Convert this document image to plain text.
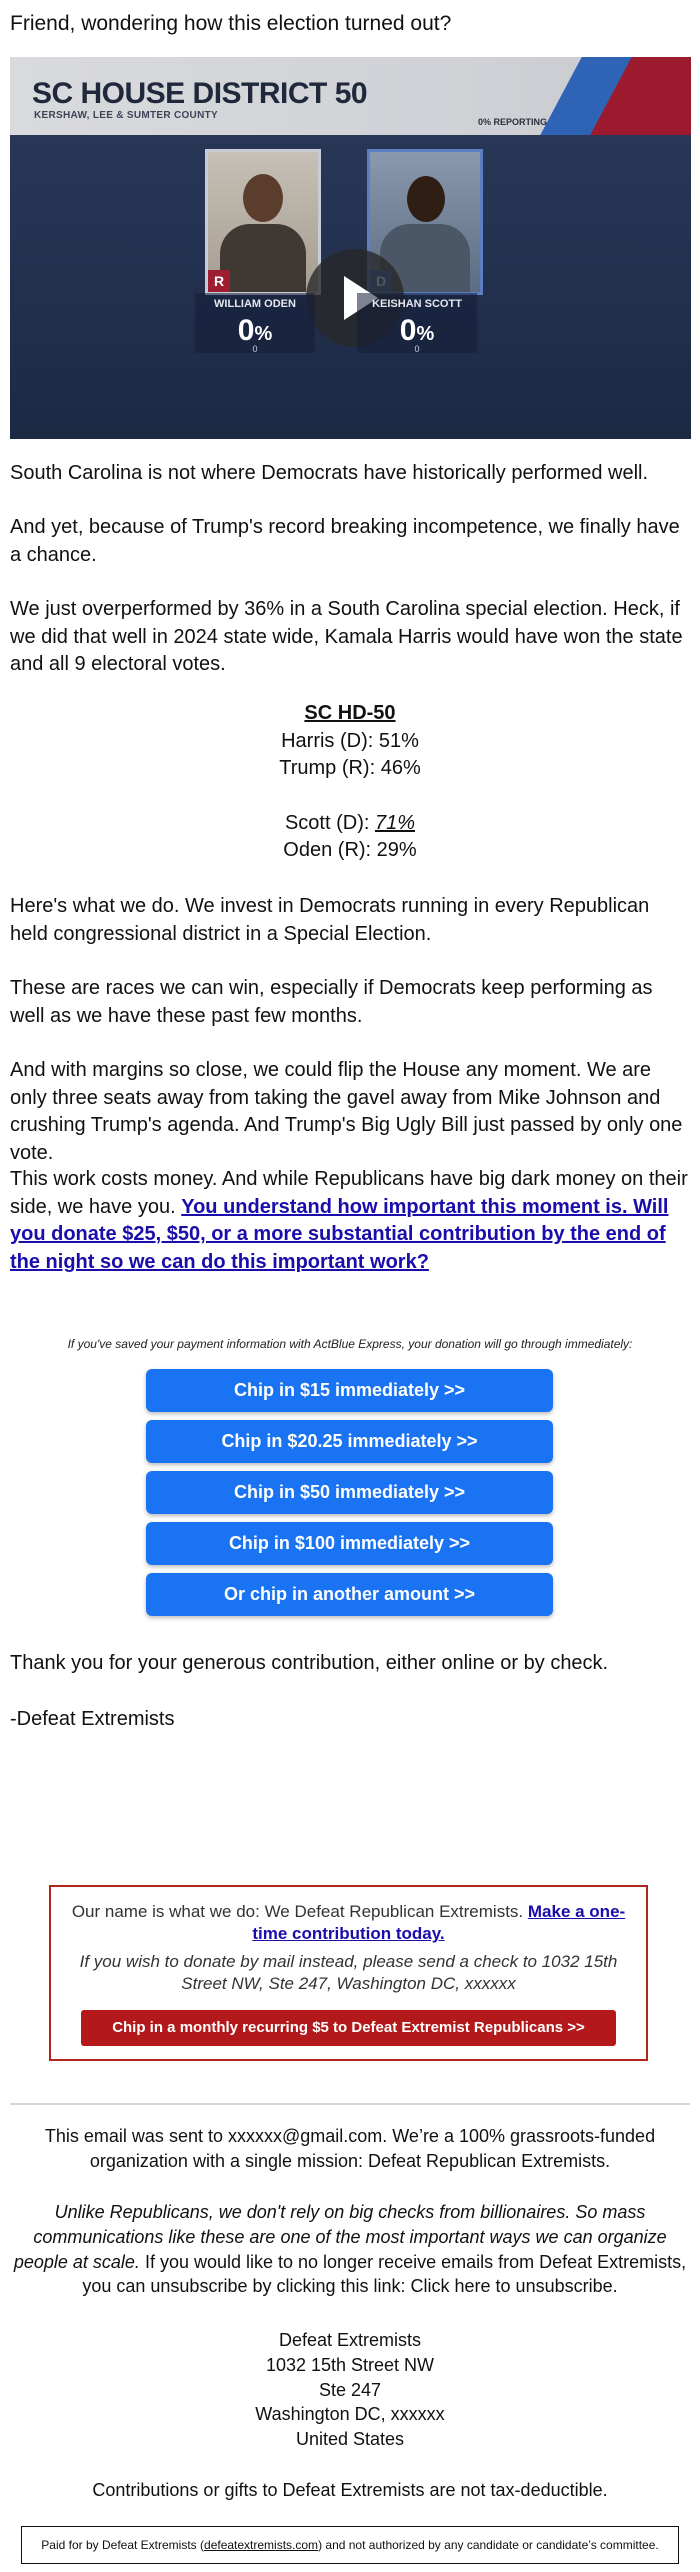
Friend, wondering how this election turned out?

SC HOUSE DISTRICT 50
KERSHAW, LEE & SUMTER COUNTY
0% REPORTING
R
WILLIAM ODEN
0%
0
KEISHAN SCOTT
0%
0

South Carolina is not where Democrats have historically performed well.

And yet, because of Trump's record breaking incompetence, we finally have a chance.

We just overperformed by 36% in a South Carolina special election. Heck, if we did that well in 2024 state wide, Kamala Harris would have won the state and all 9 electoral votes.

SC HD-50
Harris (D): 51%
Trump (R): 46%
Scott (D): 71%
Oden (R): 29%

Here's what we do. We invest in Democrats running in every Republican held congressional district in a Special Election.

These are races we can win, especially if Democrats keep performing as well as we have these past few months.

And with margins so close, we could flip the House any moment. We are only three seats away from taking the gavel away from Mike Johnson and crushing Trump's agenda. And Trump's Big Ugly Bill just passed by only one vote.

This work costs money. And while Republicans have big dark money on their side, we have you. You understand how important this moment is. Will you donate $25, $50, or a more substantial contribution by the end of the night so we can do this important work?

If you've saved your payment information with ActBlue Express, your donation will go through immediately:
Chip in $15 immediately >>
Chip in $20.25 immediately >>
Chip in $50 immediately >>
Chip in $100 immediately >>
Or chip in another amount >>

Thank you for your generous contribution, either online or by check.

-Defeat Extremists

Our name is what we do: We Defeat Republican Extremists. Make a one-time contribution today.
If you wish to donate by mail instead, please send a check to 1032 15th Street NW, Ste 247, Washington DC, xxxxxx
Chip in a monthly recurring $5 to Defeat Extremist Republicans >>

This email was sent to xxxxxx@gmail.com. We’re a 100% grassroots-funded organization with a single mission: Defeat Republican Extremists.

Unlike Republicans, we don't rely on big checks from billionaires. So mass communications like these are one of the most important ways we can organize people at scale. If you would like to no longer receive emails from Defeat Extremists, you can unsubscribe by clicking this link: Click here to unsubscribe.

Defeat Extremists
1032 15th Street NW
Ste 247
Washington DC, xxxxxx
United States

Contributions or gifts to Defeat Extremists are not tax-deductible.

Paid for by Defeat Extremists (defeatextremists.com) and not authorized by any candidate or candidate’s committee.
